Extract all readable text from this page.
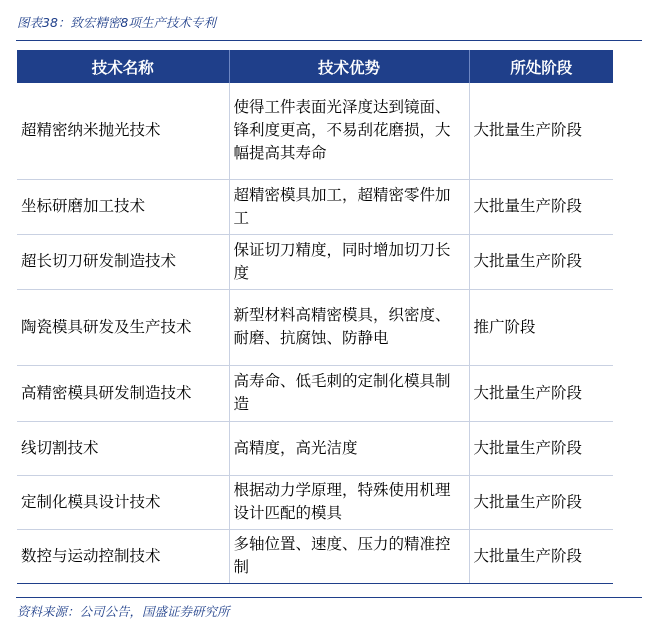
图表38：致宏精密8项生产技术专利
技术名称	技术优势	所处阶段
超精密纳米抛光技术	使得工件表面光泽度达到镜面、锋利度更高，不易刮花磨损，大幅提高其寿命	大批量生产阶段
坐标研磨加工技术	超精密模具加工，超精密零件加工	大批量生产阶段
超长切刀研发制造技术	保证切刀精度，同时增加切刀长度	大批量生产阶段
陶瓷模具研发及生产技术	新型材料高精密模具，织密度、耐磨、抗腐蚀、防静电	推广阶段
高精密模具研发制造技术	高寿命、低毛刺的定制化模具制造	大批量生产阶段
线切割技术	高精度，高光洁度	大批量生产阶段
定制化模具设计技术	根据动力学原理，特殊使用机理设计匹配的模具	大批量生产阶段
数控与运动控制技术	多轴位置、速度、压力的精准控制	大批量生产阶段
资料来源：公司公告，国盛证券研究所
